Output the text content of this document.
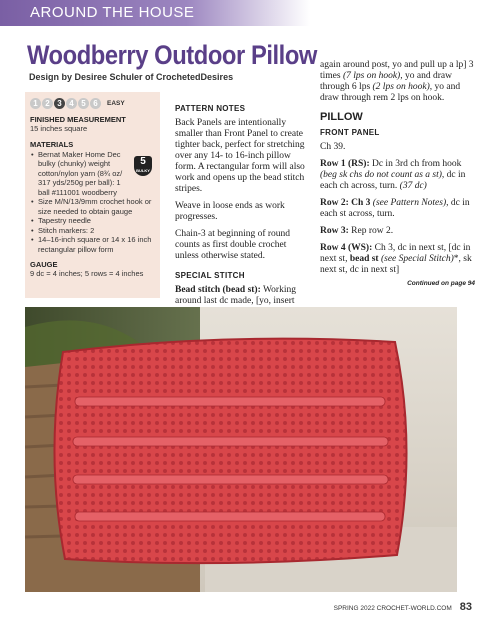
AROUND THE HOUSE
Woodberry Outdoor Pillow
Design by Desiree Schuler of CrochetedDesires
1 2 3 4 5 6	EASY
FINISHED MEASUREMENT
15 inches square
MATERIALS
• Bernat Maker Home Dec bulky (chunky) weight cotton/nylon yarn (8¾ oz/ 317 yds/250g per ball): 1 ball #111001 woodberry
• Size M/N/13/9mm crochet hook or size needed to obtain gauge
• Tapestry needle
• Stitch markers: 2
• 14–16-inch square or 14 x 16 inch rectangular pillow form
5
BULKY
GAUGE
9 dc = 4 inches; 5 rows = 4 inches
PATTERN NOTES

Back Panels are intentionally smaller than Front Panel to create tighter back, perfect for stretching over any 14- to 16-inch pillow form. A rectangular form will also work and opens up the bead stitch stripes.

Weave in loose ends as work progresses.

Chain-3 at beginning of round counts as first double crochet unless otherwise stated.

SPECIAL STITCH

Bead stitch (bead st): Working around last dc made, [yo, insert

again around post, yo and pull up a lp] 3 times (7 lps on hook), yo and draw through 6 lps (2 lps on hook), yo and draw through rem 2 lps on hook.

PILLOW
FRONT PANEL

Ch 39.

Row 1 (RS): Dc in 3rd ch from hook (beg sk chs do not count as a st), dc in each ch across, turn. (37 dc)

Row 2: Ch 3 (see Pattern Notes), dc in each st across, turn.

Row 3: Rep row 2.

Row 4 (WS): Ch 3, dc in next st, [dc in next st, bead st (see Special Stitch)*, sk next st, dc in next st]

Continued on page 94
SPRING 2022 CROCHET-WORLD.COM 83
